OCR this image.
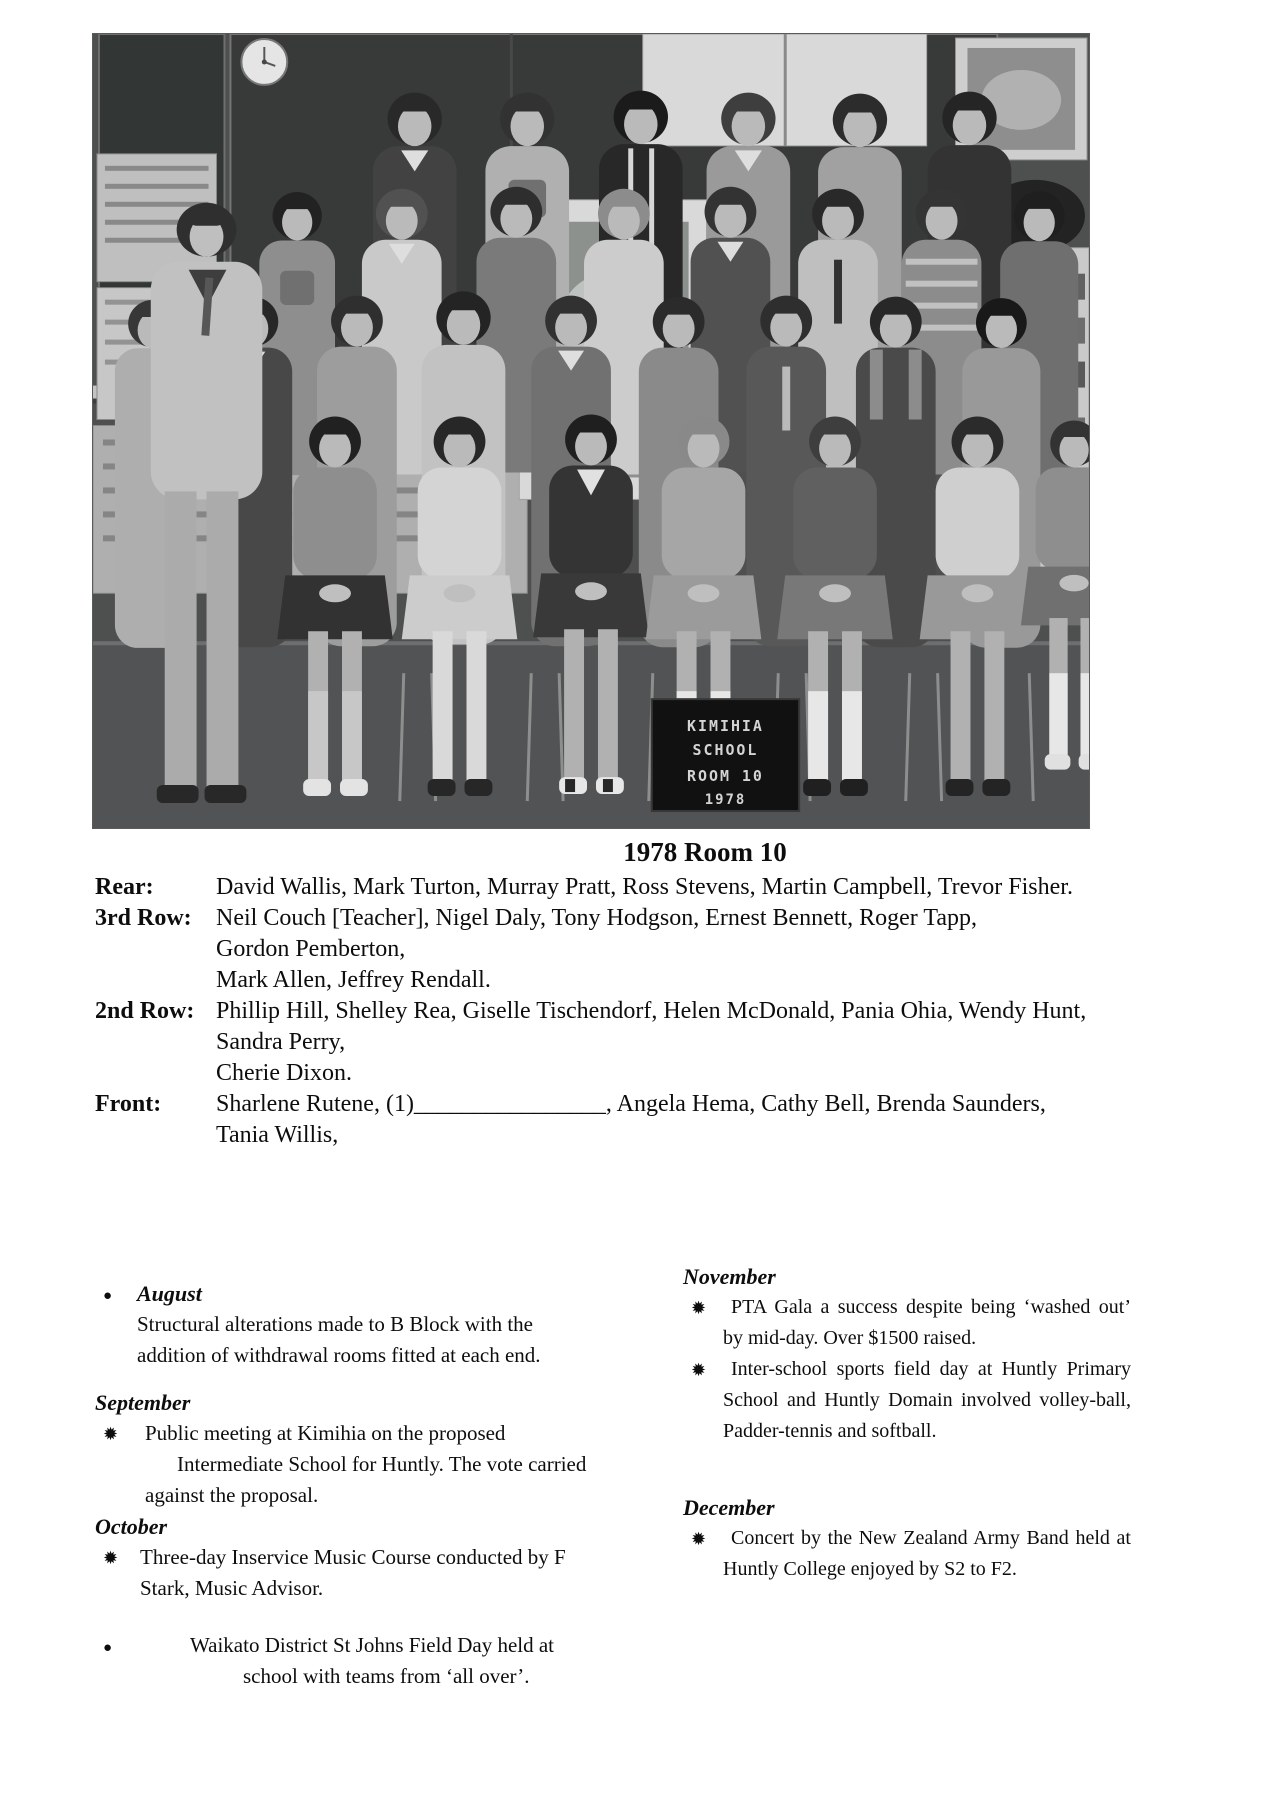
KIMIHIA
SCHOOL
ROOM 10
1978
1978 Room 10
Rear:	David Wallis, Mark Turton, Murray Pratt, Ross Stevens, Martin Campbell, Trevor Fisher.
3rd Row:	Neil Couch [Teacher], Nigel Daly, Tony Hodgson, Ernest Bennett, Roger Tapp,
Gordon Pemberton,
Mark Allen, Jeffrey Rendall.
2nd Row: Phillip Hill, Shelley Rea, Giselle Tischendorf, Helen McDonald, Pania Ohia, Wendy Hunt,
Sandra Perry,
Cherie Dixon.
Front:	Sharlene Rutene, (1)________________, Angela Hema, Cathy Bell, Brenda Saunders,
Tania Willis,
● August
Structural alterations made to B Block with the
addition of withdrawal rooms fitted at each end.
September
✹	Public meeting at Kimihia on the proposed
Intermediate School for Huntly. The vote carried
against the proposal.
October
✹	Three-day Inservice Music Course conducted by F
Stark, Music Advisor.
●	Waikato District St Johns Field Day held at
school with teams from ‘all over’.
November
✹	PTA Gala a success despite being ‘washed out’
by mid-day. Over $1500 raised.
✹	Inter-school sports field day at Huntly Primary
School and Huntly Domain involved volley-ball,
Padder-tennis and softball.
December
✹	Concert by the New Zealand Army Band held at
Huntly College enjoyed by S2 to F2.
